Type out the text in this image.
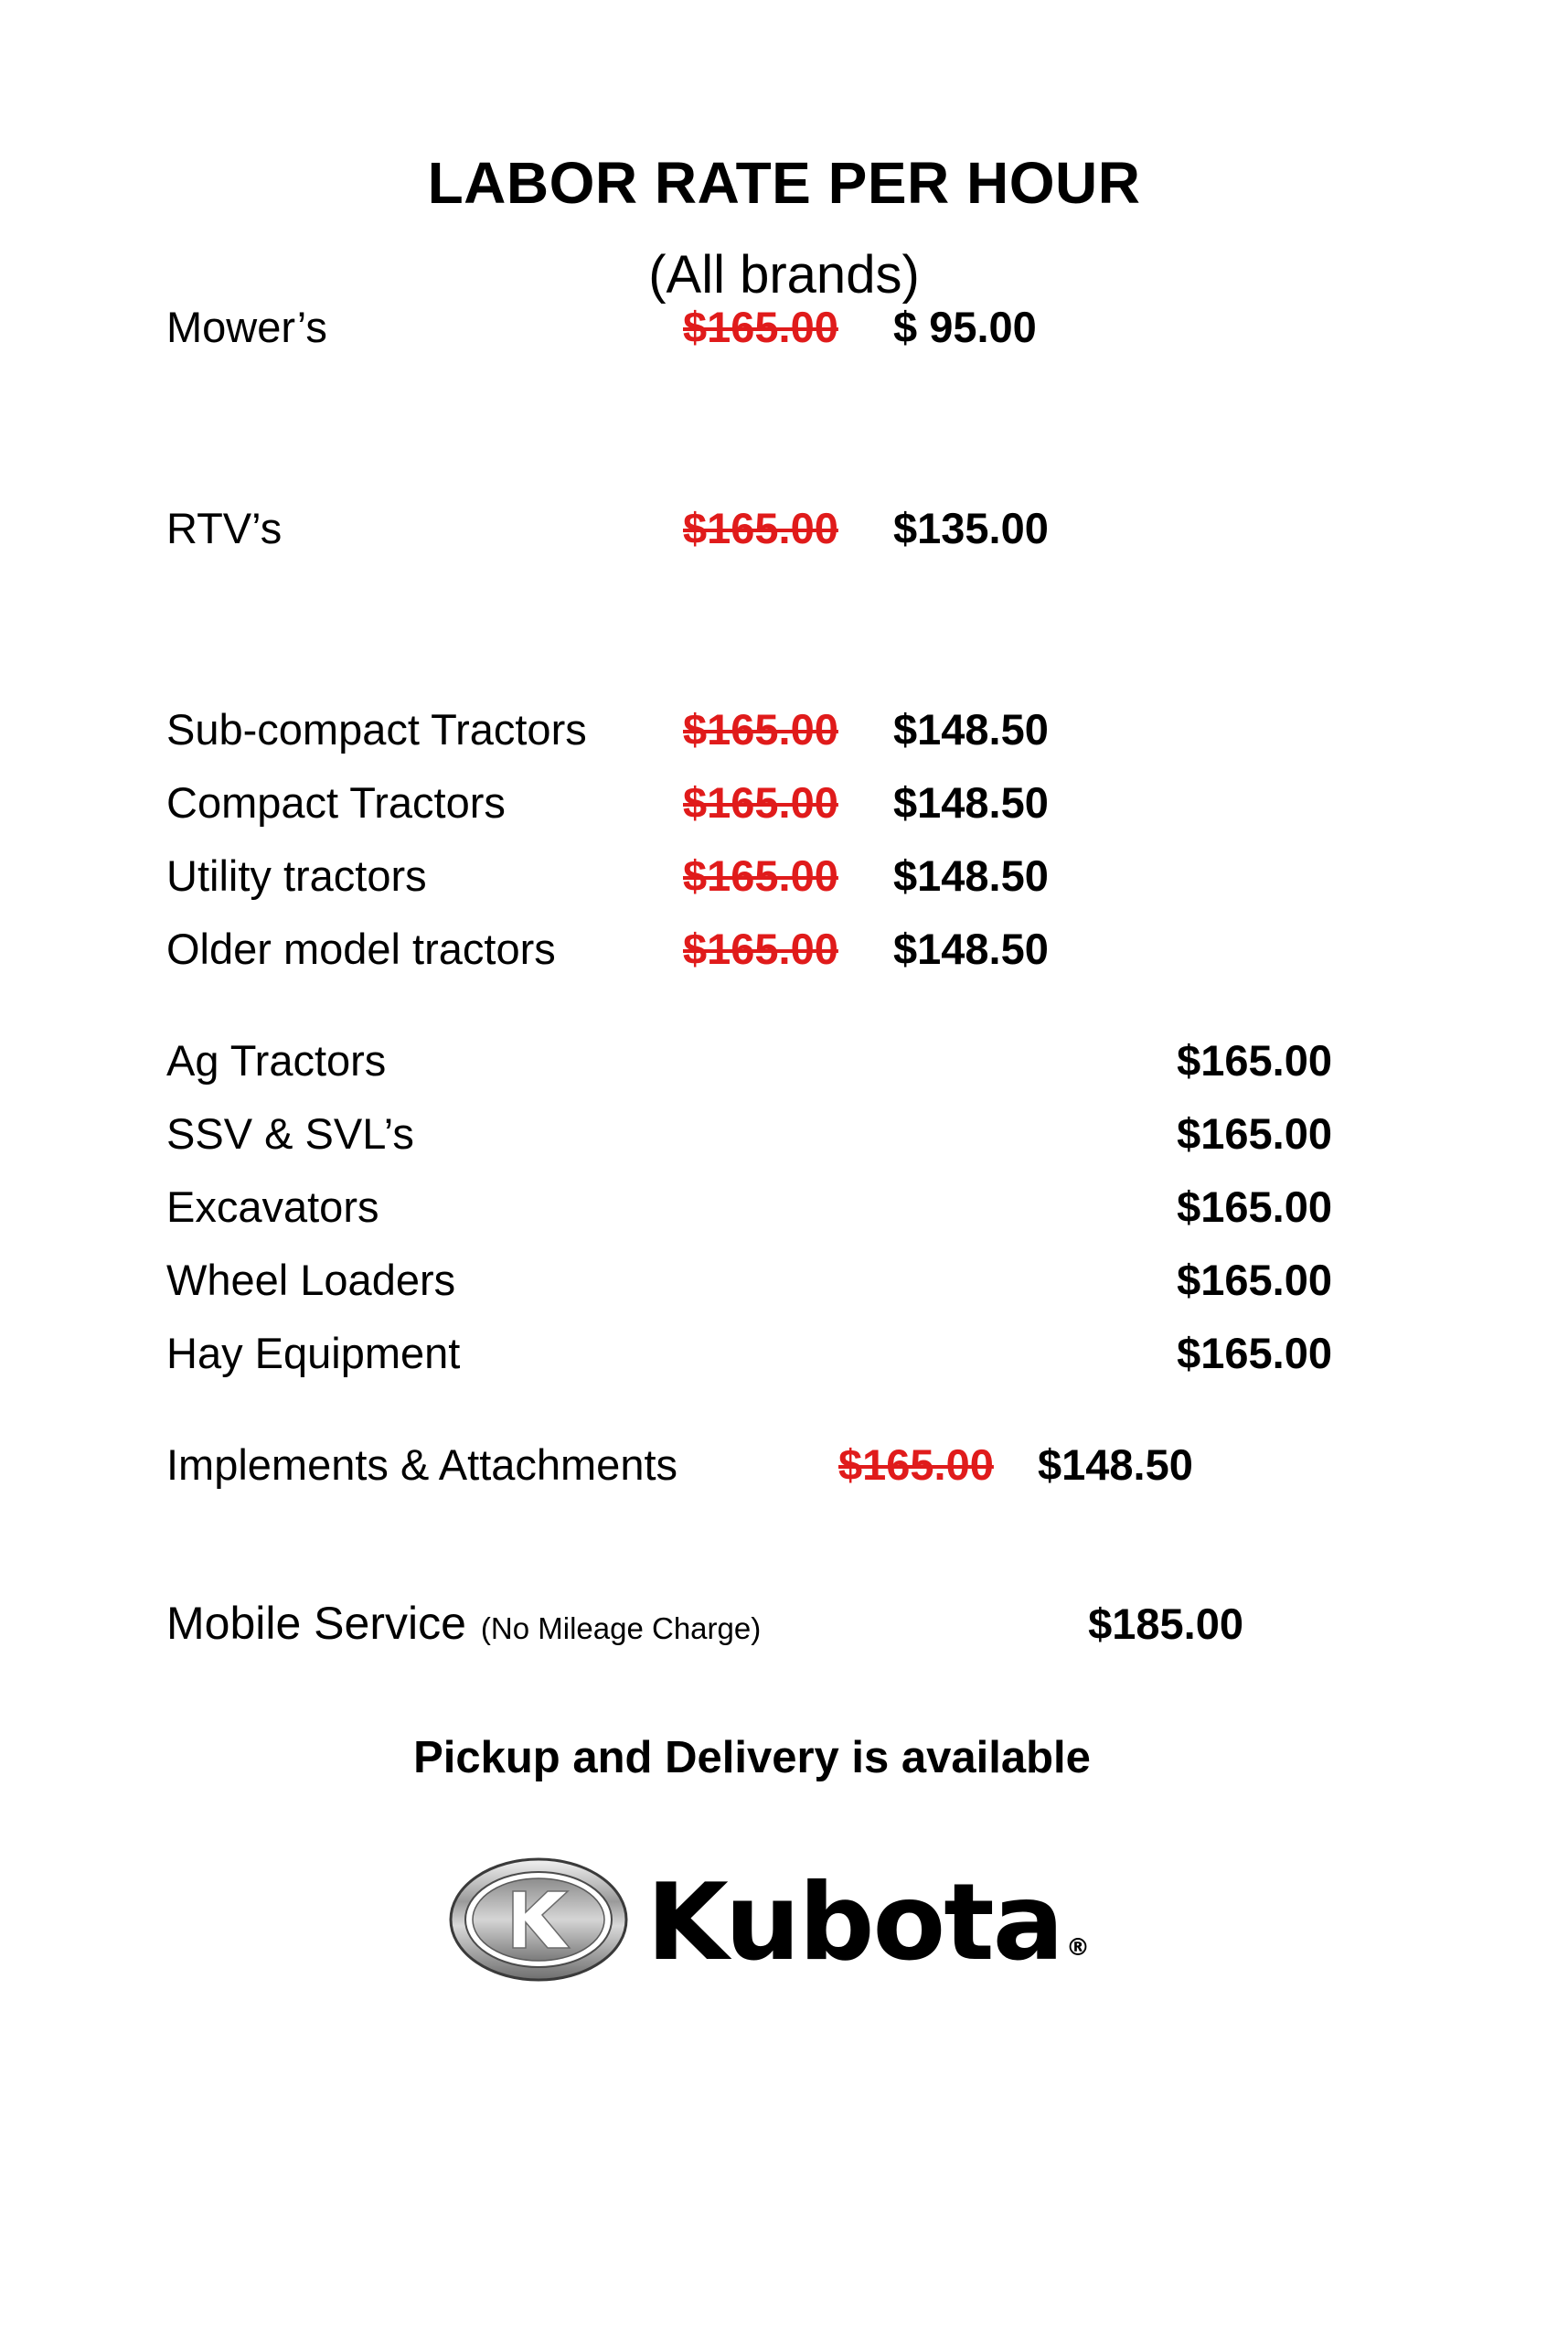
LABOR RATE PER HOUR
(All brands)
Mower’s	$165.00	$ 95.00
RTV’s	$165.00	$135.00
Sub-compact Tractors	$165.00	$148.50
Compact Tractors	$165.00	$148.50
Utility tractors	$165.00	$148.50
Older model tractors	$165.00	$148.50
Ag Tractors	$165.00
SSV & SVL’s	$165.00
Excavators	$165.00
Wheel Loaders	$165.00
Hay Equipment	$165.00
Implements & Attachments	$165.00	$148.50
Mobile Service (No Mileage Charge)	$185.00
Pickup and Delivery is available
Kubota ®
